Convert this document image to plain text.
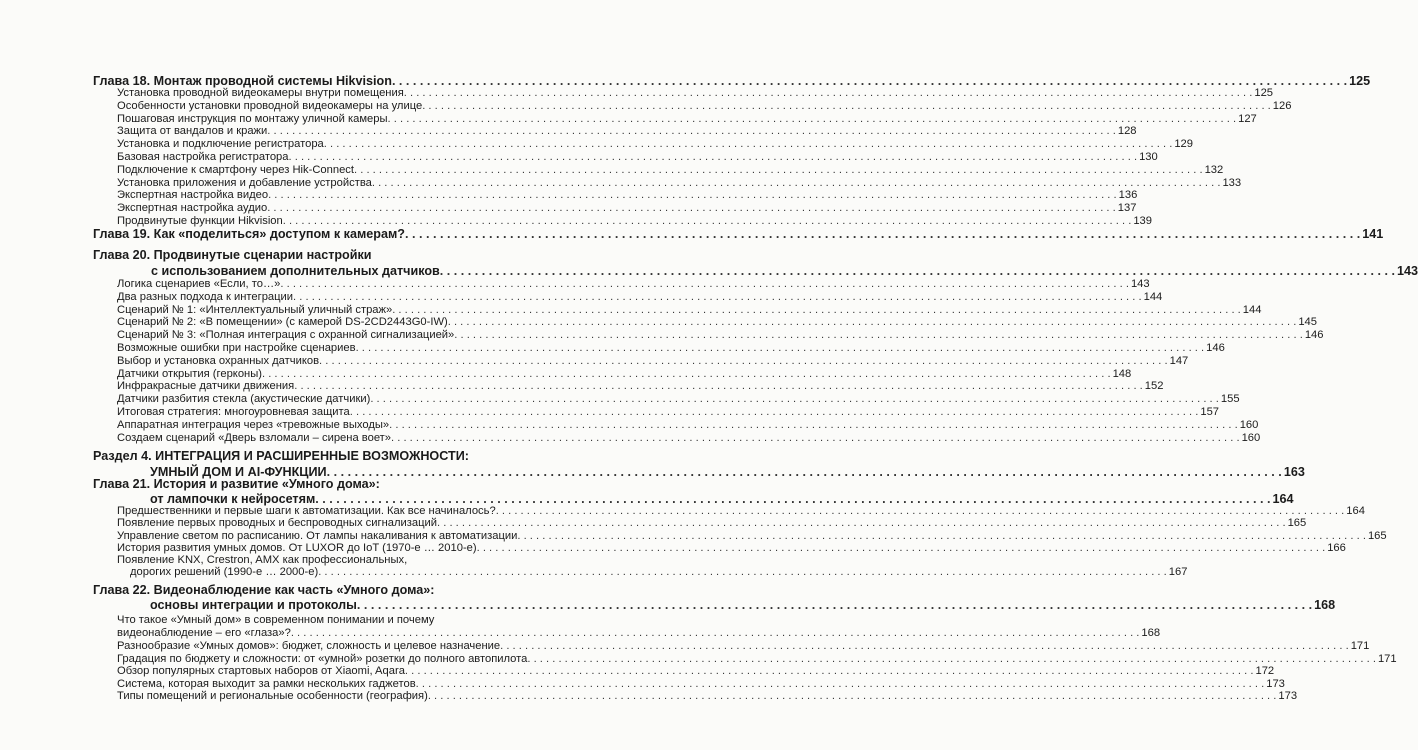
Глава 18. Монтаж проводной системы Hikvision . . .	125
Установка проводной видеокамеры внутри помещения . . .	125
Особенности установки проводной видеокамеры на улице . . .	126
Пошаговая инструкция по монтажу уличной камеры . . .	127
Защита от вандалов и кражи . . .	128
Установка и подключение регистратора . . .	129
Базовая настройка регистратора . . .	130
Подключение к смартфону через Hik-Connect . . .	132
Установка приложения и добавление устройства . . .	133
Экспертная настройка видео . . .	136
Экспертная настройка аудио . . .	137
Продвинутые функции Hikvision . . .	139
Глава 19. Как «поделиться» доступом к камерам? . . .	141
Глава 20. Продвинутые сценарии настройки
с использованием дополнительных датчиков . . .	143
Логика сценариев «Если, то…» . . .	143
Два разных подхода к интеграции . . .	144
Сценарий № 1: «Интеллектуальный уличный страж» . . .	144
Сценарий № 2: «В помещении» (с камерой DS-2CD2443G0-IW) . . .	145
Сценарий № 3: «Полная интеграция с охранной сигнализацией» . . .	146
Возможные ошибки при настройке сценариев . . .	146
Выбор и установка охранных датчиков . . .	147
Датчики открытия (герконы) . . .	148
Инфракрасные датчики движения . . .	152
Датчики разбития стекла (акустические датчики) . . .	155
Итоговая стратегия: многоуровневая защита . . .	157
Аппаратная интеграция через «тревожные выходы» . . .	160
Создаем сценарий «Дверь взломали – сирена воет» . . .	160
Раздел 4. ИНТЕГРАЦИЯ И РАСШИРЕННЫЕ ВОЗМОЖНОСТИ:
УМНЫЙ ДОМ И AI-ФУНКЦИИ . . .	163
Глава 21. История и развитие «Умного дома»:
от лампочки к нейросетям . . .	164
Предшественники и первые шаги к автоматизации. Как все начиналось? . . .	164
Появление первых проводных и беспроводных сигнализаций . . .	165
Управление светом по расписанию. От лампы накаливания к автоматизации . . .	165
История развития умных домов. От LUXOR до IoT (1970-е … 2010-е) . . .	166
Появление KNX, Crestron, AMX как профессиональных,
дорогих решений (1990-е … 2000-е) . . .	167
Глава 22. Видеонаблюдение как часть «Умного дома»:
основы интеграции и протоколы . . .	168
Что такое «Умный дом» в современном понимании и почему
видеонаблюдение – его «глаза»? . . .	168
Разнообразие «Умных домов»: бюджет, сложность и целевое назначение . . .	171
Градация по бюджету и сложности: от «умной» розетки до полного автопилота . . .	171
Обзор популярных стартовых наборов от Xiaomi, Aqara . . .	172
Система, которая выходит за рамки нескольких гаджетов . . .	173
Типы помещений и региональные особенности (география) . . .	173
